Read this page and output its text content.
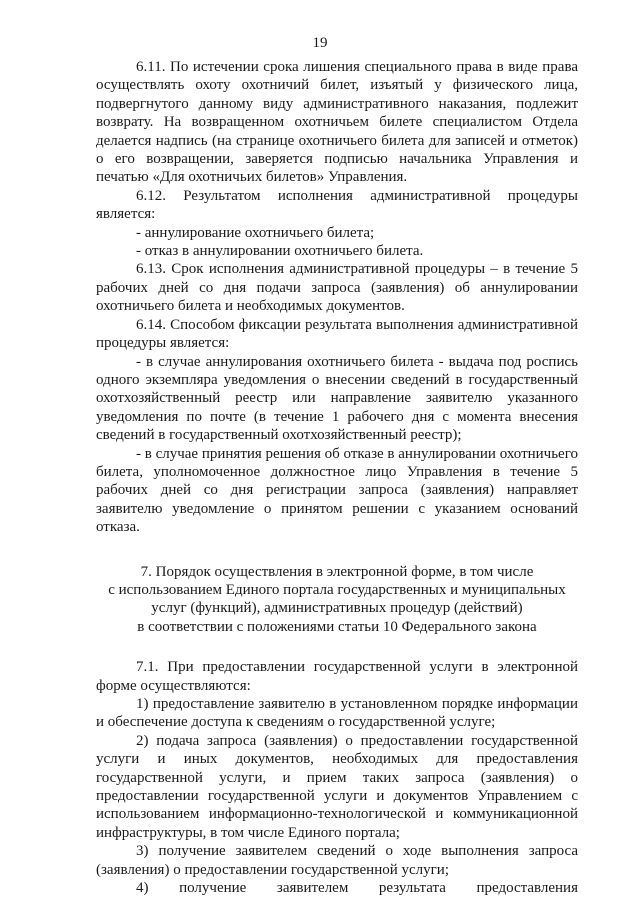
19

6.11. По истечении срока лишения специального права в виде права осуществлять охоту охотничий билет, изъятый у физического лица, подвергнутого данному виду административного наказания, подлежит возврату. На возвращенном охотничьем билете специалистом Отдела делается надпись (на странице охотничьего билета для записей и отметок) о его возвращении, заверяется подписью начальника Управления и печатью «Для охотничьих билетов» Управления.

6.12. Результатом исполнения административной процедуры является:

- аннулирование охотничьего билета;

- отказ в аннулировании охотничьего билета.

6.13. Срок исполнения административной процедуры – в течение 5 рабочих дней со дня подачи запроса (заявления) об аннулировании охотничьего билета и необходимых документов.

6.14. Способом фиксации результата выполнения административной процедуры является:

- в случае аннулирования охотничьего билета - выдача под роспись одного экземпляра уведомления о внесении сведений в государственный охотхозяйственный реестр или направление заявителю указанного уведомления по почте (в течение 1 рабочего дня с момента внесения сведений в государственный охотхозяйственный реестр);

- в случае принятия решения об отказе в аннулировании охотничьего билета, уполномоченное должностное лицо Управления в течение 5 рабочих дней со дня регистрации запроса (заявления) направляет заявителю уведомление о принятом решении с указанием оснований отказа.

7. Порядок осуществления в электронной форме, в том числе
с использованием Единого портала государственных и муниципальных
услуг (функций), административных процедур (действий)
в соответствии с положениями статьи 10 Федерального закона

7.1. При предоставлении государственной услуги в электронной форме осуществляются:

1) предоставление заявителю в установленном порядке информации и обеспечение доступа к сведениям о государственной услуге;

2) подача запроса (заявления) о предоставлении государственной услуги и иных документов, необходимых для предоставления государственной услуги, и прием таких запроса (заявления) о предоставлении государственной услуги и документов Управлением с использованием информационно-технологической и коммуникационной инфраструктуры, в том числе Единого портала;

3) получение заявителем сведений о ходе выполнения запроса (заявления) о предоставлении государственной услуги;

4) получение заявителем результата предоставления
